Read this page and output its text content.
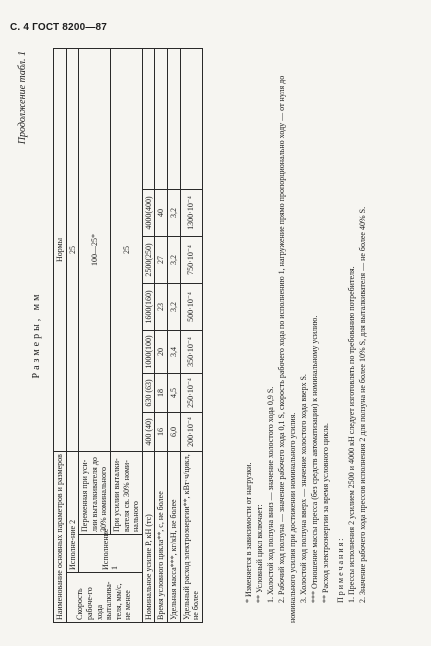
С. 4 ГОСТ 8200—87
Продолжение табл. 1
Размеры, мм
Наименование основных параметров и размеров			Нормы						
Скорость рабоче-го хода выталкива-теля, мм/с, не менее	Исполне-ние 2		25						
	Исполнение 1	Переменная при уси-лии выталкивателя до 30% номинального	100—25*						
		При усилии выталки-вателя св. 30% номи-нального	25						
Номинальное усилие P, кН (тс)			400 (40)	630 (63)	1000(100)	1600(160)	2500(250)	4000(400)	
Время условного цикла**, с, не более			16	18	20	23	27	40	
Удельная масса***, кг/кН, не более			6,0	4,5	3,4	3,2	3,2	3,2	
Удельный расход электроэнергии**, кВт·ч/цикл, не более			200·10⁻⁴	250·10⁻⁴	350·10⁻⁴	500·10⁻⁴	750·10⁻⁴	1300·10⁻⁴	

* Изменяется в зависимости от нагрузки. ** Условный цикл включает: 1. Холостой ход ползуна вниз — значение холостого хода 0,9 S. 2. Рабочий ход ползуна — значение рабочего хода 0,1 S, скорость рабочего хода по исполнению 1, нагружение прямо пропорционально ходу — от нуля до номинального усилия при достижении номинального усилия. 3. Холостой ход ползуна вверх — значение холостого хода вверх S. *** Отношение массы пресса (без средств автоматизации) к номинальному усилию. ** Расход электроэнергии за время условного цикла. Примечания: 1. Прессы исполнения 2 усилием 2500 и 4000 кН следует изготовлять по требованию потребителя. 2. Значение рабочего хода прессов исполнения 2 для ползуна не более 10% S, для выталкивателя — не более 40% S.
